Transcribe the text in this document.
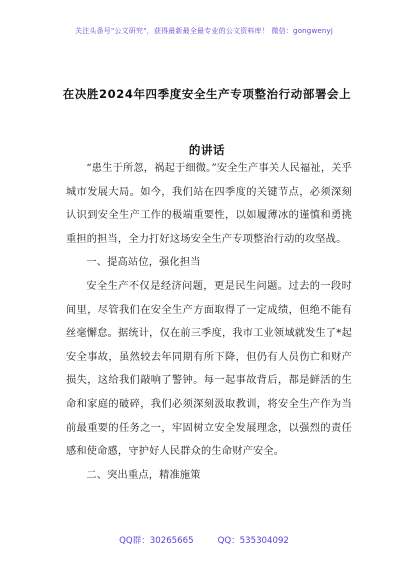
关注头条号"公文研究"，获得最新最全最专业的公文资料库！ 微信：gongwenyj
在决胜2024年四季度安全生产专项整治行动部署会上的讲话

“患生于所忽，祸起于细微。”安全生产事关人民福祉，关乎城市发展大局。如今，我们站在四季度的关键节点，必须深刻认识到安全生产工作的极端重要性，以如履薄冰的谨慎和勇挑重担的担当，全力打好这场安全生产专项整治行动的攻坚战。

一、提高站位，强化担当

安全生产不仅是经济问题，更是民生问题。过去的一段时间里，尽管我们在安全生产方面取得了一定成绩，但绝不能有丝毫懈怠。据统计，仅在前三季度，我市工业领域就发生了*起安全事故，虽然较去年同期有所下降，但仍有人员伤亡和财产损失，这给我们敲响了警钟。每一起事故背后，都是鲜活的生命和家庭的破碎，我们必须深刻汲取教训，将安全生产作为当前最重要的任务之一，牢固树立安全发展理念，以强烈的责任感和使命感，守护好人民群众的生命财产安全。

二、突出重点，精准施策

QQ群：30265665	QQ：535304092
